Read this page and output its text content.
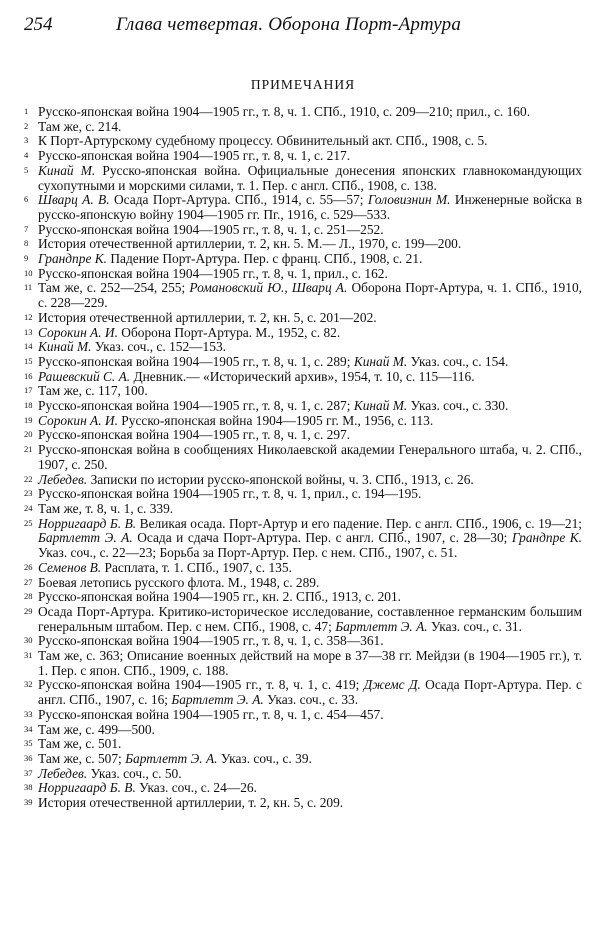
254	Глава четвертая. Оборона Порт-Артура
ПРИМЕЧАНИЯ
1 Русско-японская война 1904—1905 гг., т. 8, ч. 1. СПб., 1910, с. 209—210; прил., с. 160.
2 Там же, с. 214.
3 К Порт-Артурскому судебному процессу. Обвинительный акт. СПб., 1908, с. 5.
4 Русско-японская война 1904—1905 гг., т. 8, ч. 1, с. 217.
5 Кинай М. Русско-японская война. Официальные донесения японских главнокомандующих сухопутными и морскими силами, т. 1. Пер. с англ. СПб., 1908, с. 138.
6 Шварц А. В. Осада Порт-Артура. СПб., 1914, с. 55—57; Головизнин М. Инженерные войска в русско-японскую войну 1904—1905 гг. Пг., 1916, с. 529—533.
7 Русско-японская война 1904—1905 гг., т. 8, ч. 1, с. 251—252.
8 История отечественной артиллерии, т. 2, кн. 5. М.— Л., 1970, с. 199—200.
9 Грандпре К. Падение Порт-Артура. Пер. с франц. СПб., 1908, с. 21.
10 Русско-японская война 1904—1905 гг., т. 8, ч. 1, прил., с. 162.
11 Там же, с. 252—254, 255; Романовский Ю., Шварц А. Оборона Порт-Артура, ч. 1. СПб., 1910, с. 228—229.
12 История отечественной артиллерии, т. 2, кн. 5, с. 201—202.
13 Сорокин А. И. Оборона Порт-Артура. М., 1952, с. 82.
14 Кинай М. Указ. соч., с. 152—153.
15 Русско-японская война 1904—1905 гг., т. 8, ч. 1, с. 289; Кинай М. Указ. соч., с. 154.
16 Рашевский С. А. Дневник.— «Исторический архив», 1954, т. 10, с. 115—116.
17 Там же, с. 117, 100.
18 Русско-японская война 1904—1905 гг., т. 8, ч. 1, с. 287; Кинай М. Указ. соч., с. 330.
19 Сорокин А. И. Русско-японская война 1904—1905 гг. М., 1956, с. 113.
20 Русско-японская война 1904—1905 гг., т. 8, ч. 1, с. 297.
21 Русско-японская война в сообщениях Николаевской академии Генерального штаба, ч. 2. СПб., 1907, с. 250.
22 Лебедев. Записки по истории русско-японской войны, ч. 3. СПб., 1913, с. 26.
23 Русско-японская война 1904—1905 гг., т. 8, ч. 1, прил., с. 194—195.
24 Там же, т. 8, ч. 1, с. 339.
25 Норригаард Б. В. Великая осада. Порт-Артур и его падение. Пер. с англ. СПб., 1906, с. 19—21; Бартлетт Э. А. Осада и сдача Порт-Артура. Пер. с англ. СПб., 1907, с. 28—30; Грандпре К. Указ. соч., с. 22—23; Борьба за Порт-Артур. Пер. с нем. СПб., 1907, с. 51.
26 Семенов В. Расплата, т. 1. СПб., 1907, с. 135.
27 Боевая летопись русского флота. М., 1948, с. 289.
28 Русско-японская война 1904—1905 гг., кн. 2. СПб., 1913, с. 201.
29 Осада Порт-Артура. Критико-историческое исследование, составленное германским большим генеральным штабом. Пер. с нем. СПб., 1908, с. 47; Бартлетт Э. А. Указ. соч., с. 31.
30 Русско-японская война 1904—1905 гг., т. 8, ч. 1, с. 358—361.
31 Там же, с. 363; Описание военных действий на море в 37—38 гг. Мейдзи (в 1904—1905 гг.), т. 1. Пер. с япон. СПб., 1909, с. 188.
32 Русско-японская война 1904—1905 гг., т. 8, ч. 1, с. 419; Джемс Д. Осада Порт-Артура. Пер. с англ. СПб., 1907, с. 16; Бартлетт Э. А. Указ. соч., с. 33.
33 Русско-японская война 1904—1905 гг., т. 8, ч. 1, с. 454—457.
34 Там же, с. 499—500.
35 Там же, с. 501.
36 Там же, с. 507; Бартлетт Э. А. Указ. соч., с. 39.
37 Лебедев. Указ. соч., с. 50.
38 Норригаард Б. В. Указ. соч., с. 24—26.
39 История отечественной артиллерии, т. 2, кн. 5, с. 209.
